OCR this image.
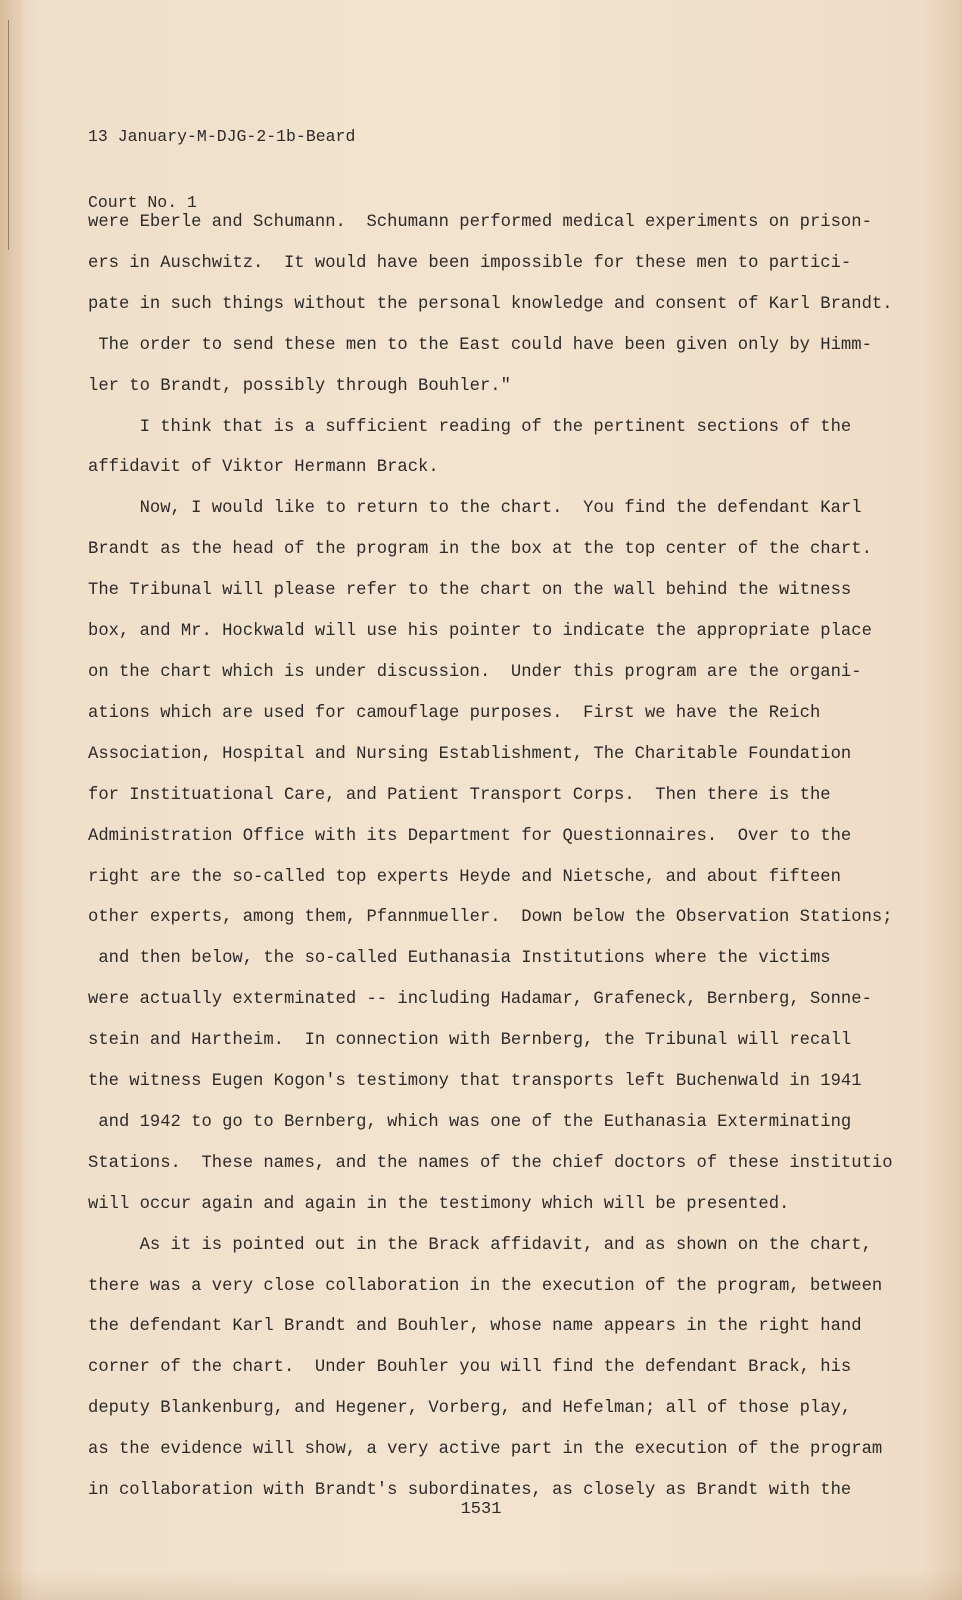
13 January-M-DJG-2-1b-Beard

Court No. 1

were Eberle and Schumann.  Schumann performed medical experiments on prison-

ers in Auschwitz.  It would have been impossible for these men to partici-

pate in such things without the personal knowledge and consent of Karl Brandt.

The order to send these men to the East could have been given only by Himm-

ler to Brandt, possibly through Bouhler."

I think that is a sufficient reading of the pertinent sections of the

affidavit of Viktor Hermann Brack.

Now, I would like to return to the chart.  You find the defendant Karl

Brandt as the head of the program in the box at the top center of the chart.

The Tribunal will please refer to the chart on the wall behind the witness

box, and Mr. Hockwald will use his pointer to indicate the appropriate place

on the chart which is under discussion.  Under this program are the organi-

ations which are used for camouflage purposes.  First we have the Reich

Association, Hospital and Nursing Establishment, The Charitable Foundation

for Instituational Care, and Patient Transport Corps.  Then there is the

Administration Office with its Department for Questionnaires.  Over to the

right are the so-called top experts Heyde and Nietsche, and about fifteen

other experts, among them, Pfannmueller.  Down below the Observation Stations;

and then below, the so-called Euthanasia Institutions where the victims

were actually exterminated -- including Hadamar, Grafeneck, Bernberg, Sonne-

stein and Hartheim.  In connection with Bernberg, the Tribunal will recall

the witness Eugen Kogon's testimony that transports left Buchenwald in 1941

and 1942 to go to Bernberg, which was one of the Euthanasia Exterminating

Stations.  These names, and the names of the chief doctors of these institutio

will occur again and again in the testimony which will be presented.

As it is pointed out in the Brack affidavit, and as shown on the chart,

there was a very close collaboration in the execution of the program, between

the defendant Karl Brandt and Bouhler, whose name appears in the right hand

corner of the chart.  Under Bouhler you will find the defendant Brack, his

deputy Blankenburg, and Hegener, Vorberg, and Hefelman; all of those play,

as the evidence will show, a very active part in the execution of the program

in collaboration with Brandt's subordinates, as closely as Brandt with the

1531
